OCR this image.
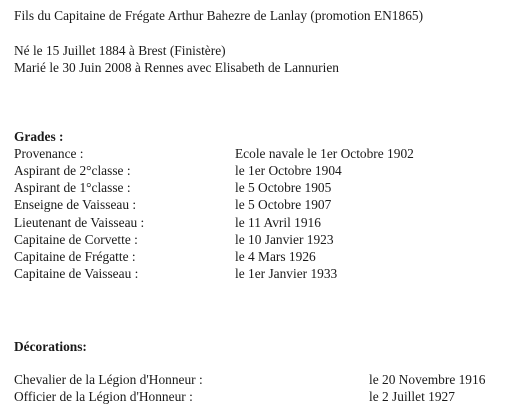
Fils du Capitaine de Frégate Arthur Bahezre de Lanlay (promotion EN1865)
Né le 15 Juillet 1884 à Brest (Finistère)
Marié le 30 Juin 2008 à Rennes avec Elisabeth de Lannurien
Grades :
Provenance :	Ecole navale le 1er Octobre 1902
Aspirant de 2°classe :	le 1er Octobre 1904
Aspirant de 1°classe :	le 5 Octobre 1905
Enseigne de Vaisseau :	le 5 Octobre 1907
Lieutenant de Vaisseau :	le 11 Avril 1916
Capitaine de Corvette :	le 10 Janvier 1923
Capitaine de Frégatte :	le 4 Mars 1926
Capitaine de Vaisseau :	le 1er Janvier 1933
Décorations:
Chevalier de la Légion d'Honneur :	le 20 Novembre 1916
Officier de la Légion d'Honneur :	le 2 Juillet 1927
